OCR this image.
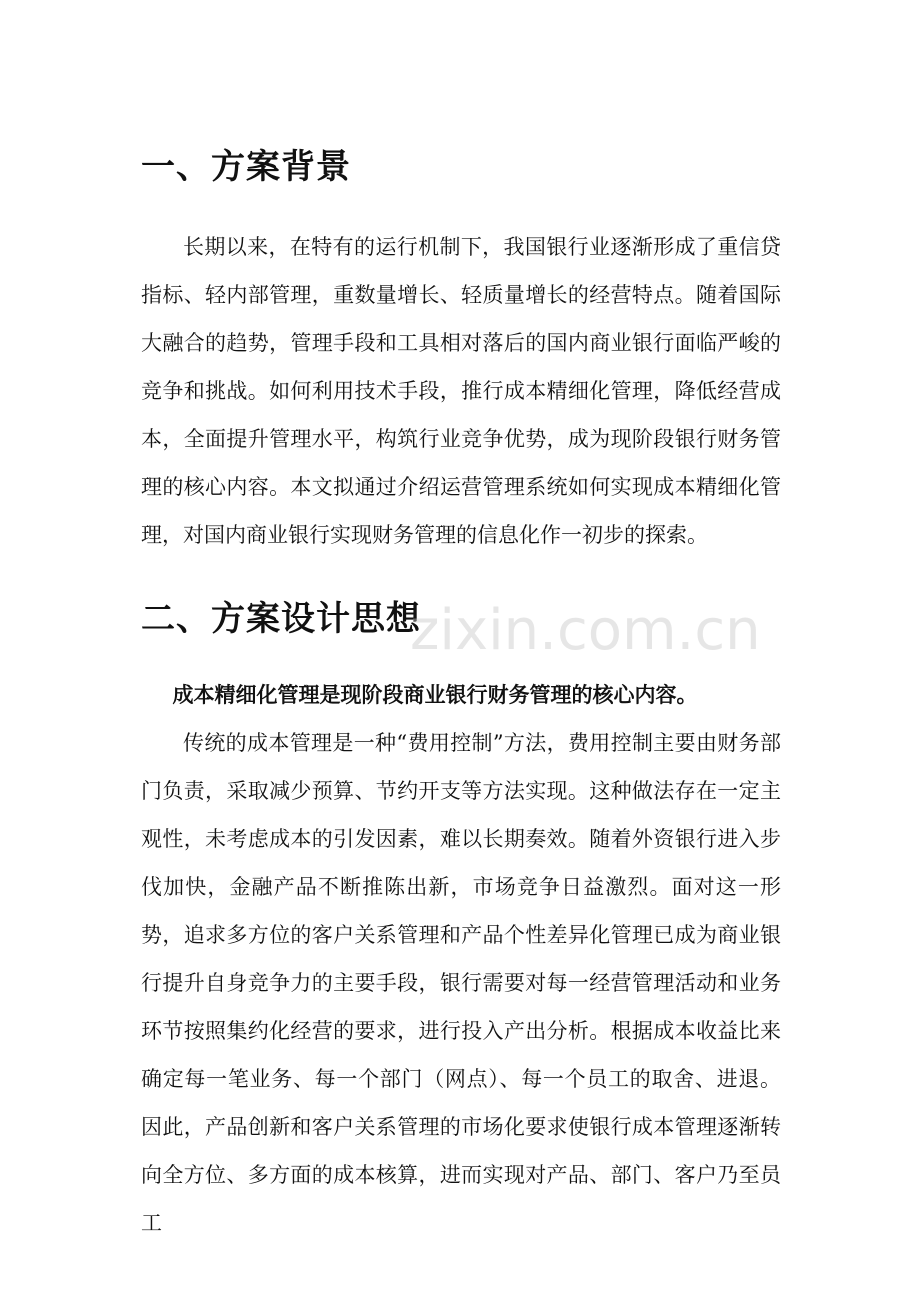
一、方案背景

长期以来，在特有的运行机制下，我国银行业逐渐形成了重信贷指标、轻内部管理，重数量增长、轻质量增长的经营特点。随着国际大融合的趋势，管理手段和工具相对落后的国内商业银行面临严峻的竞争和挑战。如何利用技术手段，推行成本精细化管理，降低经营成本，全面提升管理水平，构筑行业竞争优势，成为现阶段银行财务管理的核心内容。本文拟通过介绍运营管理系统如何实现成本精细化管理，对国内商业银行实现财务管理的信息化作一初步的探索。

二、方案设计思想
zixin.com.cn

成本精细化管理是现阶段商业银行财务管理的核心内容。

传统的成本管理是一种“费用控制”方法，费用控制主要由财务部门负责，采取减少预算、节约开支等方法实现。这种做法存在一定主观性，未考虑成本的引发因素，难以长期奏效。随着外资银行进入步伐加快，金融产品不断推陈出新，市场竞争日益激烈。面对这一形势，追求多方位的客户关系管理和产品个性差异化管理已成为商业银行提升自身竞争力的主要手段，银行需要对每一经营管理活动和业务环节按照集约化经营的要求，进行投入产出分析。根据成本收益比来确定每一笔业务、每一个部门（网点）、每一个员工的取舍、进退。因此，产品创新和客户关系管理的市场化要求使银行成本管理逐渐转向全方位、多方面的成本核算，进而实现对产品、部门、客户乃至员工
